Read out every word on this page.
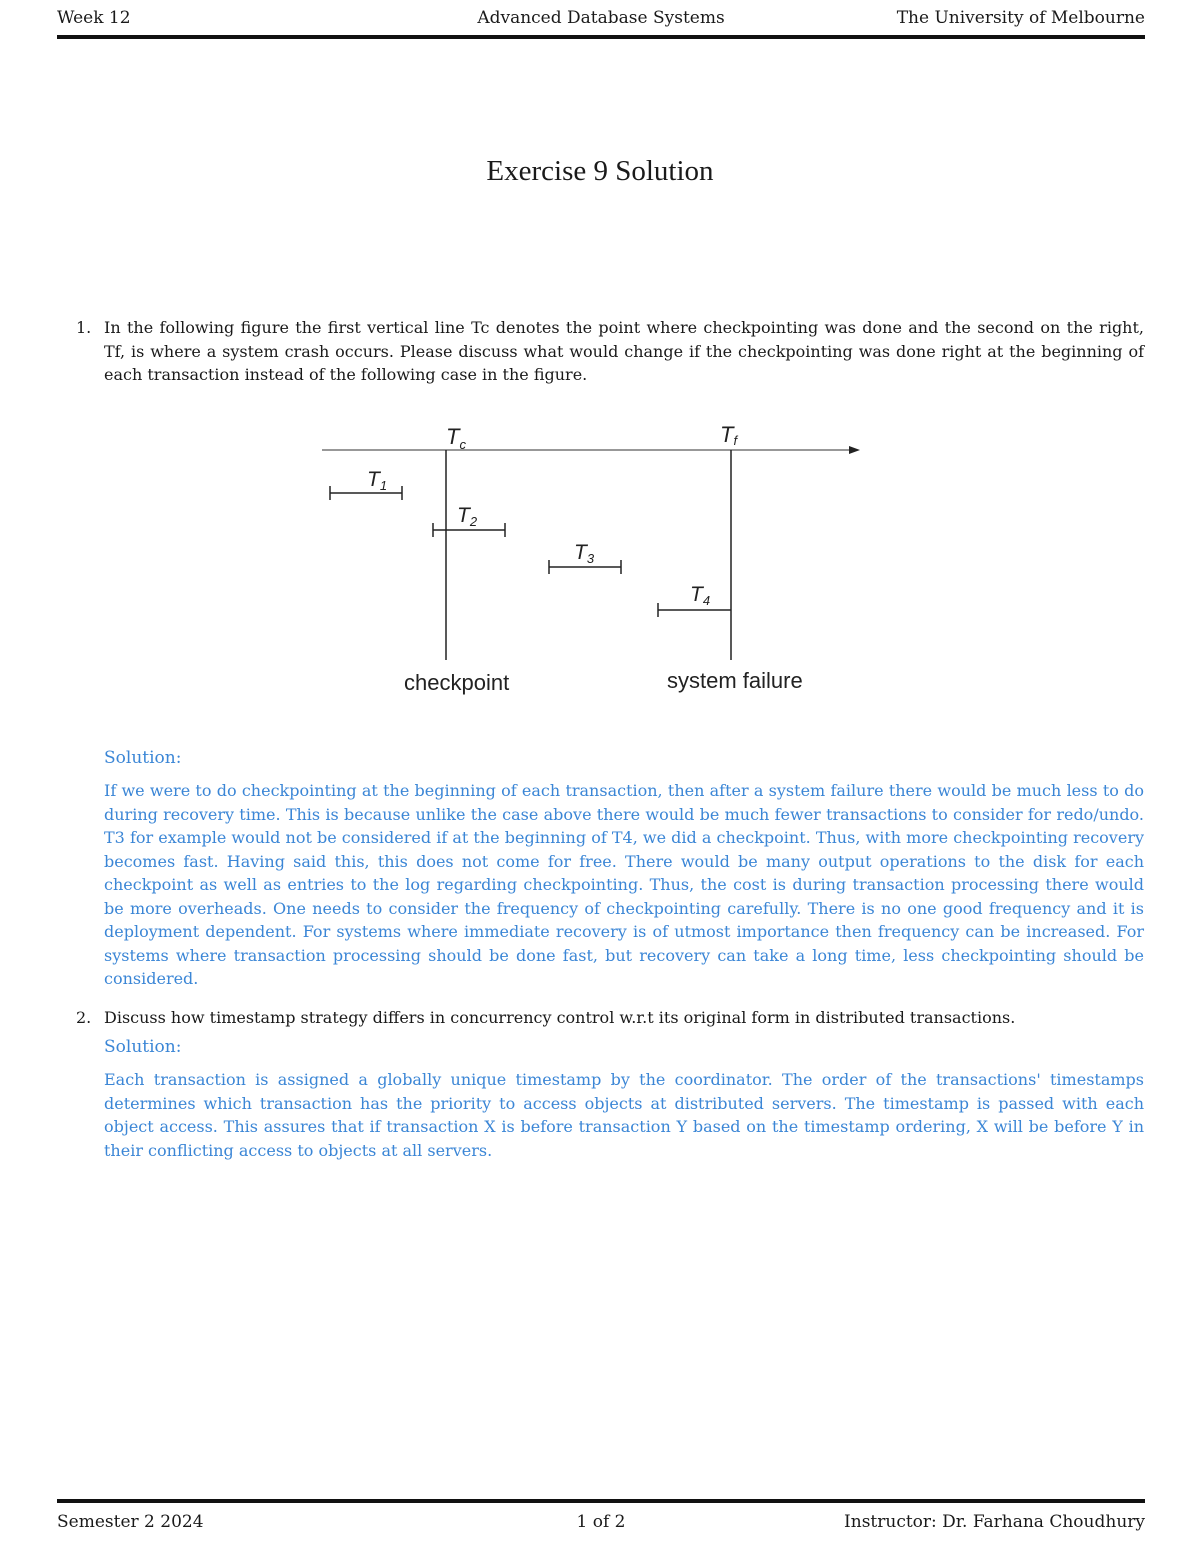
Week 12	Advanced Database Systems	The University of Melbourne
Exercise 9 Solution
1. In the following figure the first vertical line Tc denotes the point where checkpointing was done and the second on the right, Tf, is where a system crash occurs. Please discuss what would change if the checkpointing was done right at the beginning of each transaction instead of the following case in the figure.
$T_c$	Tf
T1
T2
T3
T4
checkpoint	system failure
Solution:
If we were to do checkpointing at the beginning of each transaction, then after a system failure there would be much less to do during recovery time. This is because unlike the case above there would be much fewer transactions to consider for redo/undo. T3 for example would not be considered if at the beginning of T4, we did a checkpoint. Thus, with more checkpointing recovery becomes fast. Having said this, this does not come for free. There would be many output operations to the disk for each checkpoint as well as entries to the log regarding checkpointing. Thus, the cost is during transaction processing there would be more overheads. One needs to consider the frequency of checkpointing carefully. There is no one good frequency and it is deployment dependent. For systems where immediate recovery is of utmost importance then frequency can be increased. For systems where transaction processing should be done fast, but recovery can take a long time, less checkpointing should be considered.
2. Discuss how timestamp strategy differs in concurrency control w.r.t its original form in distributed transactions.
Solution:
Each transaction is assigned a globally unique timestamp by the coordinator. The order of the transactions' timestamps determines which transaction has the priority to access objects at distributed servers. The timestamp is passed with each object access. This assures that if transaction X is before transaction Y based on the timestamp ordering, X will be before Y in their conflicting access to objects at all servers.
Semester 2 2024	1 of 2	Instructor: Dr. Farhana Choudhury
